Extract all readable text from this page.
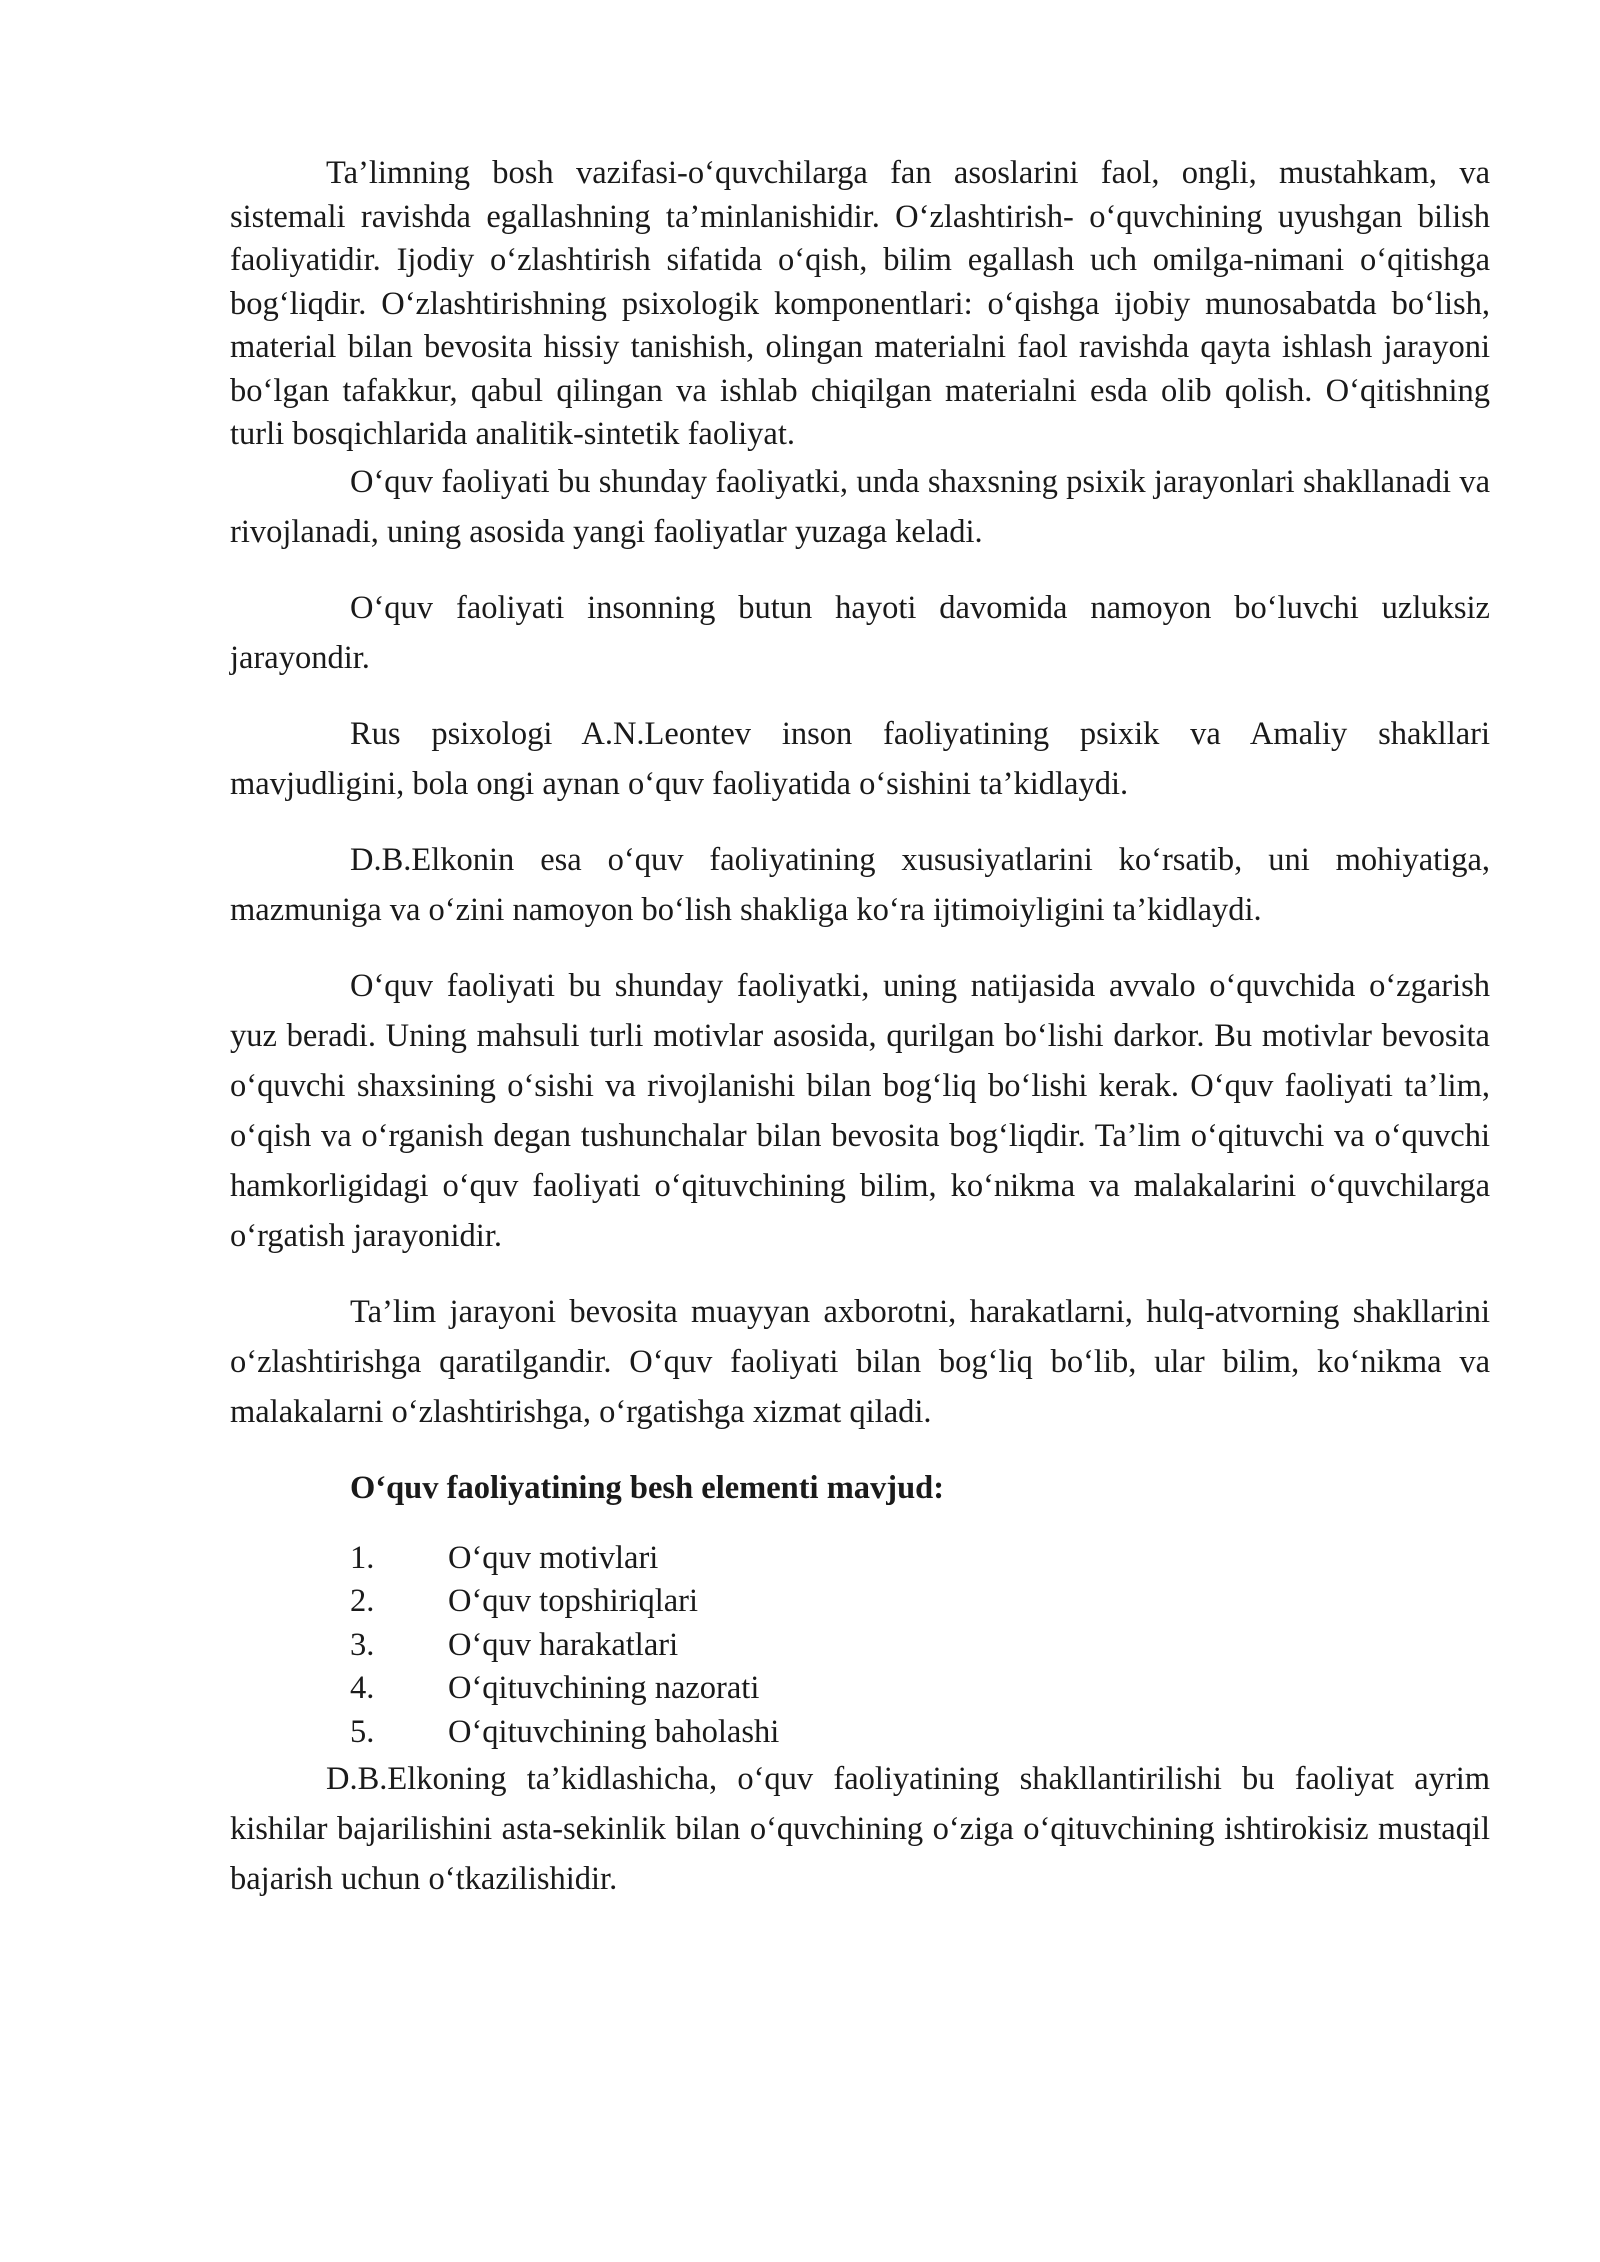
Ta’limning bosh vazifasi-o‘quvchilarga fan asoslarini faol, ongli, mustahkam, va sistemali ravishda egallashning ta’minlanishidir. O‘zlashtirish- o‘quvchining uyushgan bilish faoliyatidir. Ijodiy o‘zlashtirish sifatida o‘qish, bilim egallash uch omilga-nimani o‘qitishga bog‘liqdir. O‘zlashtirishning psixologik komponentlari: o‘qishga ijobiy munosabatda bo‘lish, material bilan bevosita hissiy tanishish, olingan materialni faol ravishda qayta ishlash jarayoni bo‘lgan tafakkur, qabul qilingan va ishlab chiqilgan materialni esda olib qolish. O‘qitishning turli bosqichlarida analitik-sintetik faoliyat.

O‘quv faoliyati bu shunday faoliyatki, unda shaxsning psixik jarayonlari shakllanadi va rivojlanadi, uning asosida yangi faoliyatlar yuzaga keladi.

O‘quv faoliyati insonning butun hayoti davomida namoyon bo‘luvchi uzluksiz jarayondir.

Rus psixologi A.N.Leontev inson faoliyatining psixik va Amaliy shakllari mavjudligini, bola ongi aynan o‘quv faoliyatida o‘sishini ta’kidlaydi.

D.B.Elkonin esa o‘quv faoliyatining xususiyatlarini ko‘rsatib, uni mohiyatiga, mazmuniga va o‘zini namoyon bo‘lish shakliga ko‘ra ijtimoiyligini ta’kidlaydi.

O‘quv faoliyati bu shunday faoliyatki, uning natijasida avvalo o‘quvchida o‘zgarish yuz beradi. Uning mahsuli turli motivlar asosida, qurilgan bo‘lishi darkor. Bu motivlar bevosita o‘quvchi shaxsining o‘sishi va rivojlanishi bilan bog‘liq bo‘lishi kerak. O‘quv faoliyati ta’lim, o‘qish va o‘rganish degan tushunchalar bilan bevosita bog‘liqdir. Ta’lim o‘qituvchi va o‘quvchi hamkorligidagi o‘quv faoliyati o‘qituvchining bilim, ko‘nikma va malakalarini o‘quvchilarga o‘rgatish jarayonidir.

Ta’lim jarayoni bevosita muayyan axborotni, harakatlarni, hulq-atvorning shakllarini o‘zlashtirishga qaratilgandir. O‘quv faoliyati bilan bog‘liq bo‘lib, ular bilim, ko‘nikma va malakalarni o‘zlashtirishga, o‘rgatishga xizmat qiladi.

O‘quv faoliyatining besh elementi mavjud:

1. O‘quv motivlari
2. O‘quv topshiriqlari
3. O‘quv harakatlari
4. O‘qituvchining nazorati
5. O‘qituvchining baholashi

D.B.Elkoning ta’kidlashicha, o‘quv faoliyatining shakllantirilishi bu faoliyat ayrim kishilar bajarilishini asta-sekinlik bilan o‘quvchining o‘ziga o‘qituvchining ishtirokisiz mustaqil bajarish uchun o‘tkazilishidir.
